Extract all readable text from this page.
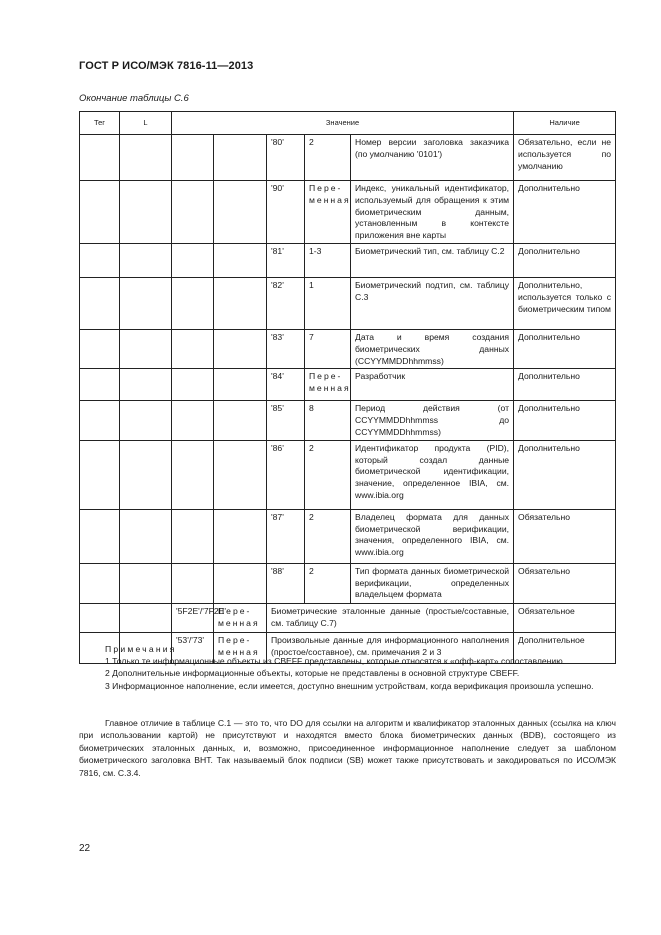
ГОСТ Р ИСО/МЭК 7816-11—2013
Окончание таблицы С.6
Тег	L	Значение					Наличие
				'80'	2	Номер версии заголовка заказчика (по умолчанию '0101')	Обязательно, если не используется по умолчанию
				'90'	Пере-менная	Индекс, уникальный идентификатор, используемый для обращения к этим биометрическим данным, установленным в контексте приложения вне карты	Дополнительно
				'81'	1-3	Биометрический тип, см. таблицу С.2	Дополнительно
				'82'	1	Биометрический подтип, см. таблицу С.3	Дополнительно, используется только с биометрическим типом
				'83'	7	Дата и время создания биометрических данных (CCYYMMDDhhmmss)	Дополнительно
				'84'	Пере-менная	Разработчик	Дополнительно
				'85'	8	Период действия (от CCYYMMDDhhmmss до CCYYMMDDhhmmss)	Дополнительно
				'86'	2	Идентификатор продукта (PID), который создал данные биометрической идентификации, значение, определенное IBIA, см. www.ibia.org	Дополнительно
				'87'	2	Владелец формата для данных биометрической верификации, значения, определенного IBIA, см. www.ibia.org	Обязательно
				'88'	2	Тип формата данных биометрической верификации, определенных владельцем формата	Обязательно
		'5F2E'/'7F2E'	Пере-менная	Биометрические эталонные данные (простые/составные, см. таблицу С.7)			Обязательное
		'53'/'73'	Пере-менная	Произвольные данные для информационного наполнения (простое/составное), см. примечания 2 и 3			Дополнительное

Примечания

1 Только те информационные объекты из CBEFF представлены, которые относятся к «офф-карт» сопоставлению.

2 Дополнительные информационные объекты, которые не представлены в основной структуре CBEFF.

3 Информационное наполнение, если имеется, доступно внешним устройствам, когда верификация произошла успешно.

Главное отличие в таблице С.1 — это то, что DO для ссылки на алгоритм и квалификатор эталонных данных (ссылка на ключ при использовании картой) не присутствуют и находятся вместо блока биометрических данных (BDB), состоящего из биометрических эталонных данных, и, возможно, присоединенное информационное наполнение следует за шаблоном биометрического заголовка BHT. Так называемый блок подписи (SB) может также присутствовать и закодироваться по ИСО/МЭК 7816, см. С.3.4.

22
